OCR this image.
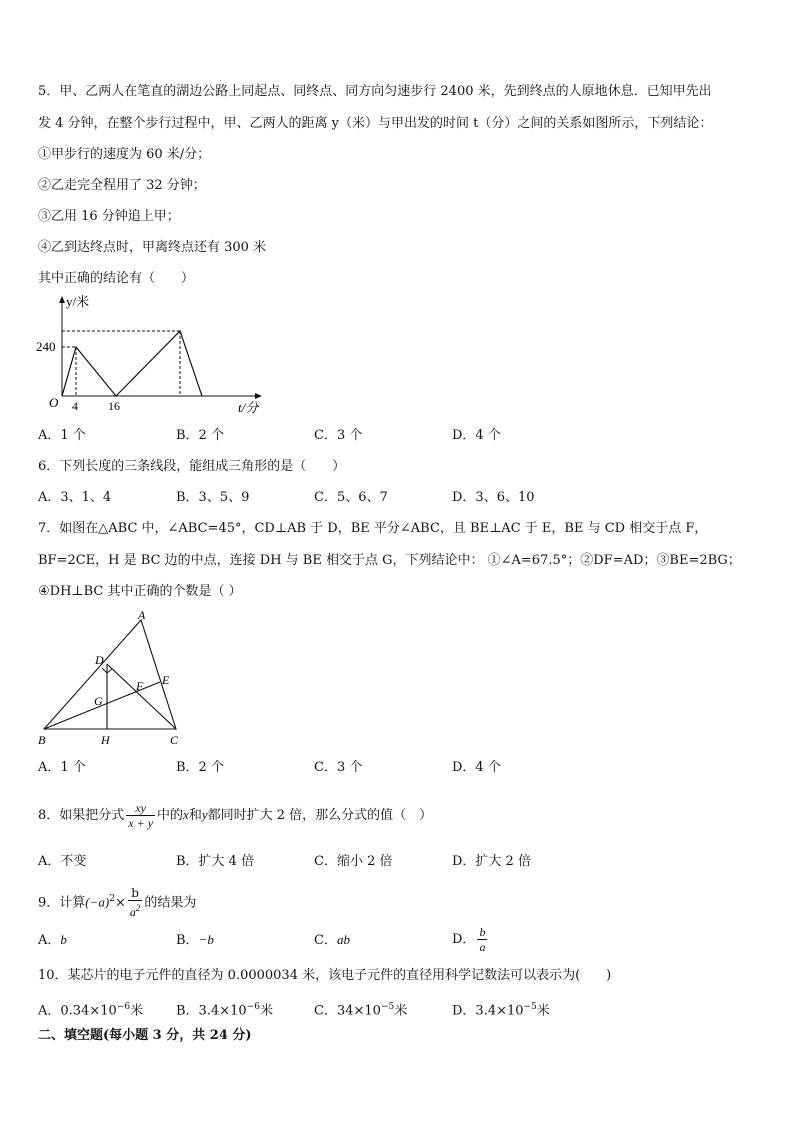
5．甲、乙两人在笔直的湖边公路上同起点、同终点、同方向匀速步行 2400 米，先到终点的人原地休息．已知甲先出
发 4 分钟，在整个步行过程中，甲、乙两人的距离 y（米）与甲出发的时间 t（分）之间的关系如图所示，下列结论：
①甲步行的速度为 60 米/分；
②乙走完全程用了 32 分钟；
③乙用 16 分钟追上甲；
④乙到达终点时，甲离终点还有 300 米
其中正确的结论有（　　）
y/米
t/分
O
240
4	16
A．1 个	B．2 个	C．3 个	D．4 个
6．下列长度的三条线段，能组成三角形的是（　　）
A．3、1、4	B．3、5、9	C．5、6、7	D．3、6、10
7．如图在△ABC 中，∠ABC=45°，CD⊥AB 于 D，BE 平分∠ABC，且 BE⊥AC 于 E，BE 与 CD 相交于点 F，
BF=2CE，H 是 BC 边的中点，连接 DH 与 BE 相交于点 G，下列结论中： ①∠A=67.5°；②DF=AD；③BE=2BG；
④DH⊥BC 其中正确的个数是（ ）
A
B	C
D
E
F
G
H
A．1 个	B．2 个	C．3 个	D．4 个
8．如果把分式 $\frac{xy}{x + y}$ 中的x和y都同时扩大 2 倍，那么分式的值（　）
A．不变	B．扩大 4 倍	C．缩小 2 倍	D．扩大 2 倍
9．计算$(-a)^2\times \frac{b}{a^2}$ 的结果为
A．b	B．−b	C．ab	D． $\frac{b}{a}$
10．某芯片的电子元件的直径为 0.0000034 米，该电子元件的直径用科学记数法可以表示为(　　)
A．$0.34\times 10^{-6}$米	B．$3.4\times 10^{-6}$米	C．$34\times 10^{-5}$米	D．$3.4\times 10^{-5}$米
二、填空题(每小题 3 分，共 24 分)
